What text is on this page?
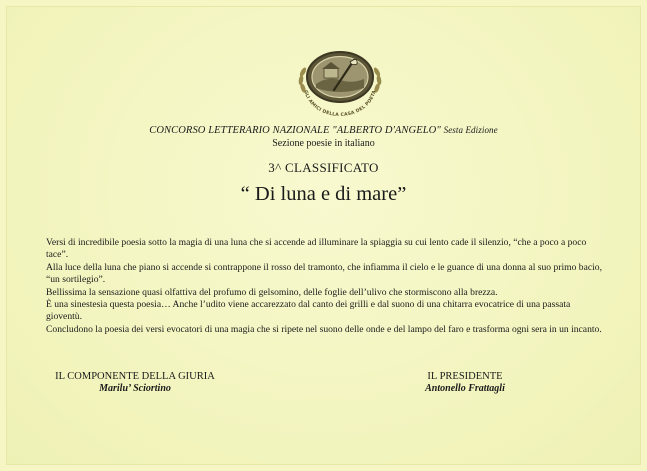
GLI AMICI DELLA CASA DEL POETA
CONCORSO LETTERARIO NAZIONALE "ALBERTO D'ANGELO" Sesta Edizione
Sezione poesie in italiano
3^ CLASSIFICATO
“ Di luna e di mare”

Versi di incredibile poesia sotto la magia di una luna che si accende ad illuminare la spiaggia su cui lento cade il silenzio, “che a poco a poco tace”.

Alla luce della luna che piano si accende si contrappone il rosso del tramonto, che infiamma il cielo e le guance di una donna al suo primo bacio, “un sortilegio”.

Bellissima la sensazione quasi olfattiva del profumo di gelsomino, delle foglie dell’ulivo che stormiscono alla brezza.

È una sinestesia questa poesia… Anche l’udito viene accarezzato dal canto dei grilli e dal suono di una chitarra evocatrice di una passata gioventù.

Concludono la poesia dei versi evocatori di una magia che si ripete nel suono delle onde e del lampo del faro e trasforma ogni sera in un incanto.

IL COMPONENTE DELLA GIURIA
Marilu’ Sciortino
IL PRESIDENTE
Antonello Frattagli
